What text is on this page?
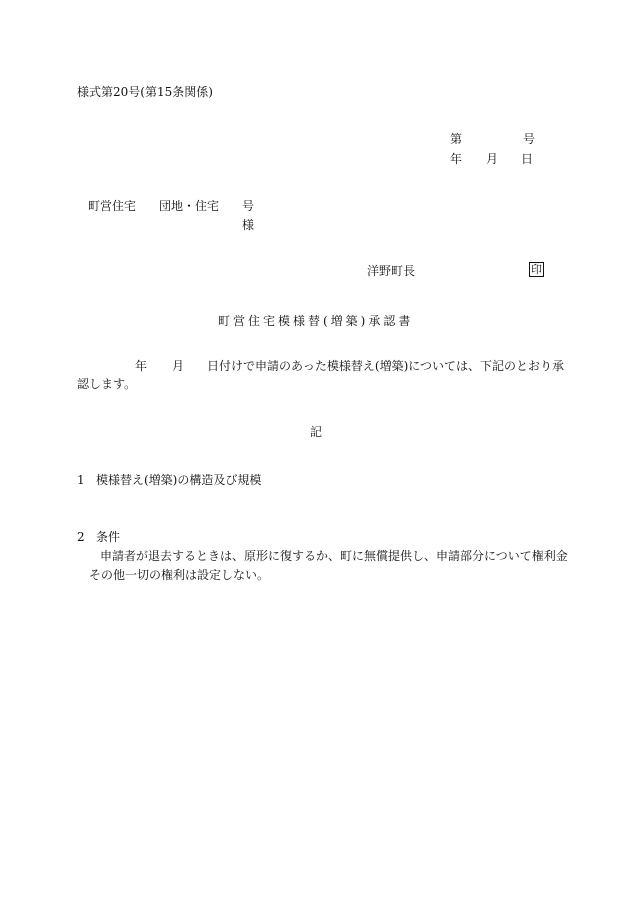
様式第20号(第15条関係)
第	号
年 月 日
町営住宅 団地・住宅 号
様
洋野町長	印
町営住宅模様替(増築)承認書
年 月 日付けで申請のあった模様替え(増築)については、下記のとおり承
認します。
記
1 模様替え(増築)の構造及び規模
2 条件
申請者が退去するときは、原形に復するか、町に無償提供し、申請部分について権利金
その他一切の権利は設定しない。
